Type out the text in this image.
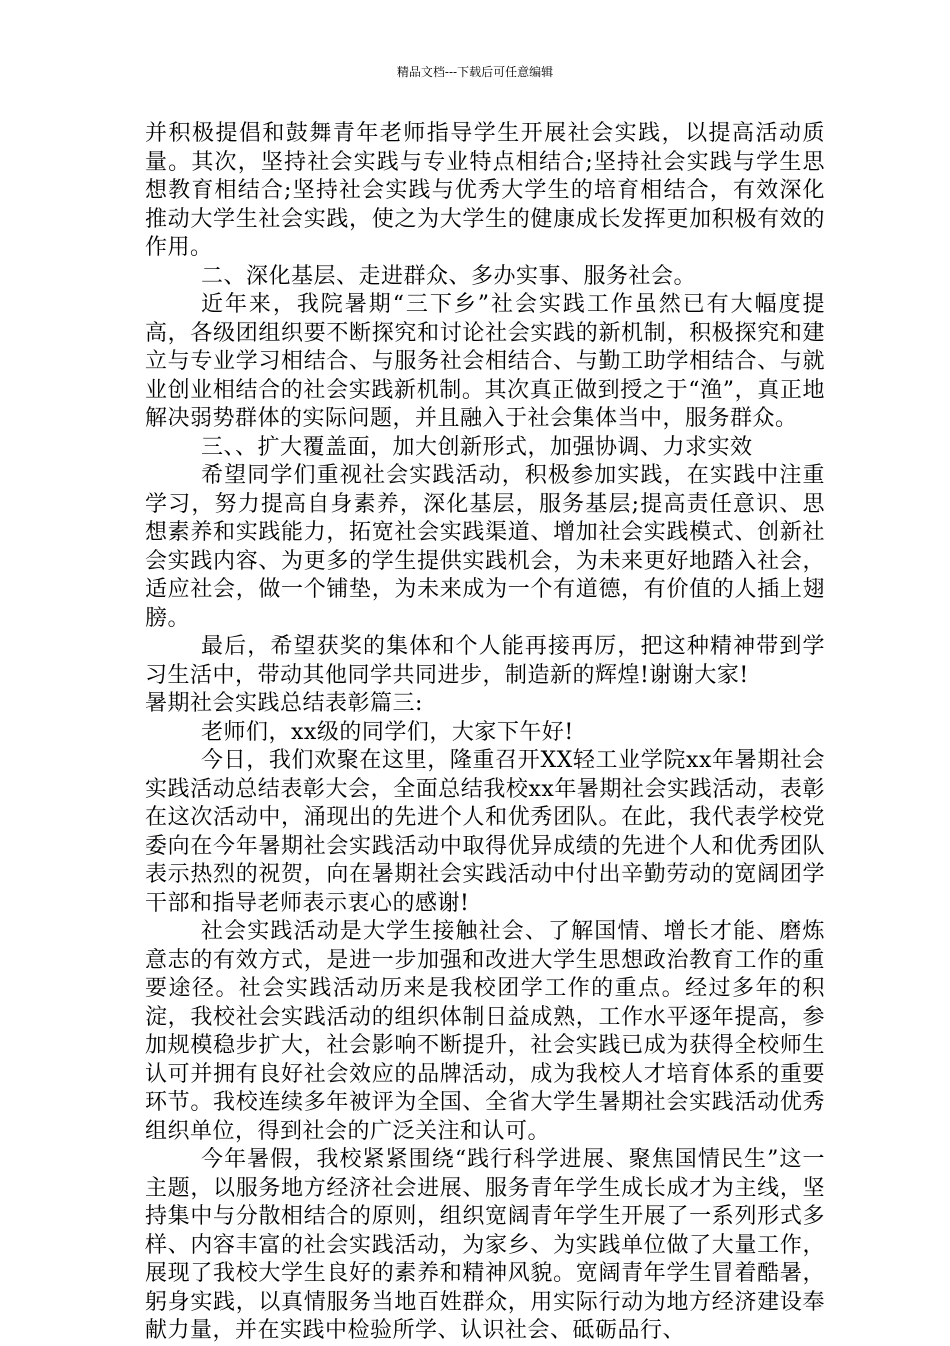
精品文档---下载后可任意编辑

并积极提倡和鼓舞青年老师指导学生开展社会实践，以提高活动质量。其次，坚持社会实践与专业特点相结合;坚持社会实践与学生思想教育相结合;坚持社会实践与优秀大学生的培育相结合，有效深化推动大学生社会实践，使之为大学生的健康成长发挥更加积极有效的作用。

二、深化基层、走进群众、多办实事、服务社会。

近年来，我院暑期“三下乡”社会实践工作虽然已有大幅度提高，各级团组织要不断探究和讨论社会实践的新机制，积极探究和建立与专业学习相结合、与服务社会相结合、与勤工助学相结合、与就业创业相结合的社会实践新机制。其次真正做到授之于“渔”，真正地解决弱势群体的实际问题，并且融入于社会集体当中，服务群众。

三、、扩大覆盖面，加大创新形式，加强协调、力求实效

希望同学们重视社会实践活动，积极参加实践，在实践中注重学习，努力提高自身素养，深化基层，服务基层;提高责任意识、思想素养和实践能力，拓宽社会实践渠道、增加社会实践模式、创新社会实践内容、为更多的学生提供实践机会，为未来更好地踏入社会，适应社会，做一个铺垫，为未来成为一个有道德，有价值的人插上翅膀。

最后，希望获奖的集体和个人能再接再厉，把这种精神带到学习生活中，带动其他同学共同进步，制造新的辉煌!谢谢大家!

暑期社会实践总结表彰篇三:

老师们，xx级的同学们，大家下午好!

今日，我们欢聚在这里，隆重召开XX轻工业学院xx年暑期社会实践活动总结表彰大会，全面总结我校xx年暑期社会实践活动，表彰在这次活动中，涌现出的先进个人和优秀团队。在此，我代表学校党委向在今年暑期社会实践活动中取得优异成绩的先进个人和优秀团队表示热烈的祝贺，向在暑期社会实践活动中付出辛勤劳动的宽阔团学干部和指导老师表示衷心的感谢!

社会实践活动是大学生接触社会、了解国情、增长才能、磨炼意志的有效方式，是进一步加强和改进大学生思想政治教育工作的重要途径。社会实践活动历来是我校团学工作的重点。经过多年的积淀，我校社会实践活动的组织体制日益成熟，工作水平逐年提高，参加规模稳步扩大，社会影响不断提升，社会实践已成为获得全校师生认可并拥有良好社会效应的品牌活动，成为我校人才培育体系的重要环节。我校连续多年被评为全国、全省大学生暑期社会实践活动优秀组织单位，得到社会的广泛关注和认可。

今年暑假，我校紧紧围绕“践行科学进展、聚焦国情民生”这一主题，以服务地方经济社会进展、服务青年学生成长成才为主线，坚持集中与分散相结合的原则，组织宽阔青年学生开展了一系列形式多样、内容丰富的社会实践活动，为家乡、为实践单位做了大量工作，展现了我校大学生良好的素养和精神风貌。宽阔青年学生冒着酷暑，躬身实践，以真情服务当地百姓群众，用实际行动为地方经济建设奉献力量，并在实践中检验所学、认识社会、砥砺品行、
